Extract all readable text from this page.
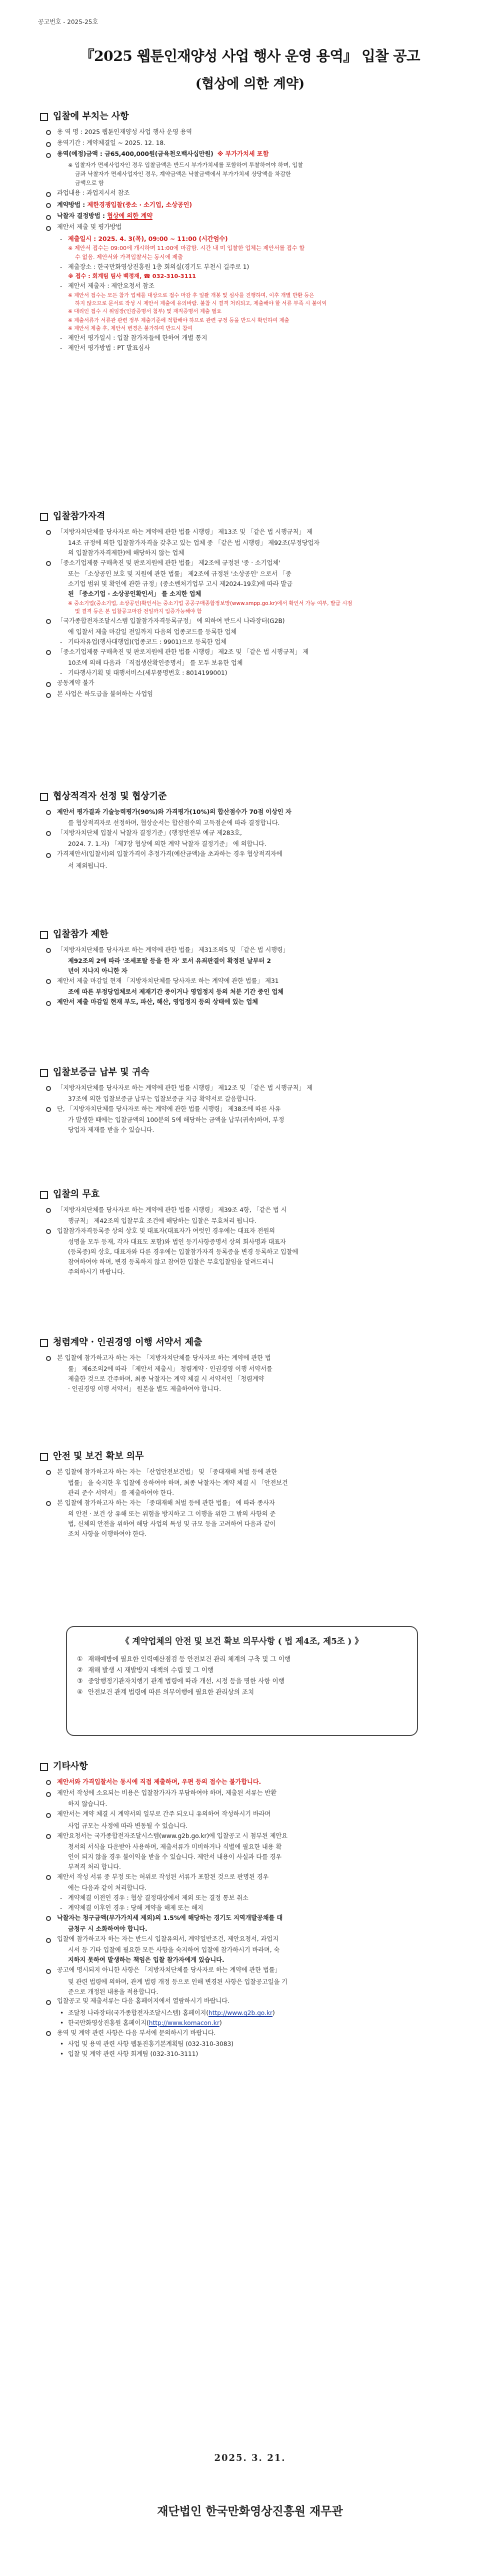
공고번호 - 2025-25호
『2025 웹툰인재양성 사업 행사 운영 용역』 입찰 공고
(협상에 의한 계약)
입찰에 부치는 사항
용 역 명 : 2025 웹툰인재양성 사업 행사 운영 용역
용역기간 : 계약체결일 ~ 2025. 12. 18.
용역(예정)금액 : 금65,400,000원(금육천오백사십만원) ※ 부가가치세 포함
※ 입찰자가 면세사업자인 경우 입찰금액은 반드시 부가가치세를 포함하여 투찰하여야 하며, 입찰
금과 낙찰자가 면세사업자인 경우, 계약금액은 낙찰금액에서 부가가치세 상당액을 차감한
금액으로 함
과업내용 : 과업지시서 참조
계약방법 : 제한경쟁입찰(중소 · 소기업, 소상공인)
낙찰자 결정방법 : 협상에 의한 계약
제안서 제출 및 평가방법
- 제출일시 : 2025. 4. 3(목), 09:00 ~ 11:00 (시간엄수)
※ 제안서 접수는 09:00에 개시하며 11:00에 마감함. 시간 내 미 입찰한 업체는 제안서를 접수 할
수 없음. 제안서와 가격입찰서는 동시에 제출
- 제출장소 : 한국만화영상진흥원 1층 회의실(경기도 부천시 길주로 1)
※ 접수 : 회계팀 팀사 백정재, ☎ 032-310-3111
- 제안서 제출자 : 제안요청서 참조
※ 제안서 접수는 모든 참가 업체를 대상으로 접수 마감 후 일괄 개봉 및 심사를 진행하며, 이후 개별 반환 등은
하지 않으므로 문서로 작성 시 제안서 제출에 유의바람. 불참 시 결격 처리되고, 제출해야 할 서류 부족 시 불이익
※ 대리인 접수 시 위임장(인감증명서 첨부) 및 재직증명서 제출 필요
※ 제출서류가 서류관 관련 정부 제출기준에 적합해야 하므로 관련 규정 등을 반드시 확인하여 제출
※ 제안서 제출 후, 제안서 변경은 불가하며 반드시 참여
- 제안서 평가일시 : 입찰 참가자들에 한하여 개별 통지
- 제안서 평가방법 : PT 발표심사
입찰참가자격
「지방자치단체를 당사자로 하는 계약에 관한 법률 시행령」 제13조 및 「같은 법 시행규칙」 제
14조 규정에 의한 입찰참가자격을 갖추고 있는 업체 중 「같은 법 시행령」 제92조(부정당업자
의 입찰참가자격제한)에 해당하지 않는 업체
「중소기업제품 구매촉진 및 판로지원에 관한 법률」 제2조에 규정된 '중 · 소기업체'
또는 「소상공인 보호 및 지원에 관한 법률」 제2조에 규정된 '소상공인' 으로서 「중
소기업 범위 및 확인에 관한 규정」(중소벤처기업부 고시 제2024-19호)에 따라 발급
된 「중소기업 · 소상공인확인서」 를 소지한 업체
※ 중소기업(중소기업, 소상공인)확인서는 중소기업 공공구매종합정보망(www.smpp.go.kr)에서 확인서 가능 여부, 발급 시점
및 결격 등은 본 입찰공고마감 전일까지 입증가능해야 함
「국가종합전자조달시스템 입찰참가자격등록규정」 에 의하여 반드시 나라장터(G2B)
에 입찰서 제출 마감일 전일까지 다음의 업종코드를 등록한 업체
- 기타자유업(행사대행업)(업종코드 : 9901)으로 등록한 업체
「중소기업제품 구매촉진 및 판로지원에 관한 법률 시행령」 제2조 및 「같은 법 시행규칙」 제
10조에 의해 다음과 「직접생산확인증명서」 를 모두 보유한 업체
- 기타행사기획 및 대행서비스(세부품명번호 : 8014199001)
공동계약 불가
본 사업은 하도급을 불허하는 사업임
협상적격자 선정 및 협상기준
제안서 평가결과 기술능력평가(90%)와 가격평가(10%)의 합산점수가 70점 이상인 자
를 협상적격자로 선정하며, 협상순서는 합산점수의 고득점순에 따라 결정합니다.
「지방자치단체 입찰시 낙찰자 결정기준」(행정안전부 예규 제283호,
2024. 7. 1.자) 「제7장 협상에 의한 계약 낙찰자 결정기준」 에 의합니다.
가격제안서(입찰서)의 입찰가격이 추정가격(예산금액)을 초과하는 경우 협상적격자에
서 제외됩니다.
입찰참가 제한
「지방자치단체를 당사자로 하는 계약에 관한 법률」 제31조의5 및 「같은 법 시행령」
제92조의 2에 따라 '조세포탈 등을 한 자' 로서 유죄판결이 확정된 날부터 2
년이 지나지 아니한 자
제안서 제출 마감일 현재 「지방자치단체를 당사자로 하는 계약에 관한 법률」 제31
조에 따른 부정당업체로서 제재기간 중이거나 영업정지 등의 처분 기간 중인 업체
제안서 제출 마감일 현재 부도, 파산, 해산, 영업정지 등의 상태에 있는 업체
입찰보증금 납부 및 귀속
「지방자치단체를 당사자로 하는 계약에 관한 법률 시행령」 제12조 및 「같은 법 시행규칙」 제
37조에 의한 입찰보증금 납부는 입찰보증금 지급 확약서로 갈음합니다.
단, 「지방자치단체를 당사자로 하는 계약에 관한 법률 시행령」 제38조에 따른 사유
가 발생한 때에는 입찰금액의 100분의 5에 해당하는 금액을 납부(귀속)하며, 부정
당업자 제재를 받을 수 있습니다.
입찰의 무효
「지방자치단체를 당사자로 하는 계약에 관한 법률 시행령」 제39조 4항, 「같은 법 시
행규칙」 제42조의 입찰무효 조건에 해당하는 입찰은 무효처리 됩니다.
입찰참가자격등록증 상의 상호 및 대표자(대표자가 여럿인 경우에는 대표자 전원의
성명을 모두 등재, 각자 대표도 포함)와 법인 등기사항증명서 상의 회사명과 대표자
(등록증)의 상호, 대표자와 다른 경우에는 입찰참가자격 등록증을 변경 등록하고 입찰에
참여하여야 하며, 변경 등록하지 않고 참여한 입찰은 무효입찰임을 알려드리니
주의하시기 바랍니다.
청렴계약 · 인권경영 이행 서약서 제출
본 입찰에 참가하고자 하는 자는 「지방자치단체를 당사자로 하는 계약에 관한 법
률」 제6조의2에 따라 「제안서 제출시」 청렴계약 · 인권경영 이행 서약서를
제출한 것으로 간주하며, 최종 낙찰자는 계약 체결 시 서약서인 「청렴계약
· 인권경영 이행 서약서」 원본을 별도 제출하여야 합니다.
안전 및 보건 확보 의무
본 입찰에 참가하고자 하는 자는 「산업안전보건법」 및 「중대재해 처벌 등에 관한
법률」 을 숙지한 후 입찰에 응하여야 하며, 최종 낙찰자는 계약 체결 시 「안전보건
관리 준수 서약서」 를 제출하여야 한다.
본 입찰에 참가하고자 하는 자는 「중대재해 처벌 등에 관한 법률」 에 따라 종사자
의 안전 · 보건 상 유해 또는 위험을 방지하고 그 이행을 위한 그 밖의 사항의 준
법, 신체의 안전을 위하여 해당 사업의 특성 및 규모 등을 고려하여 다음과 같이
조치 사항을 이행하여야 한다.
《 계약업체의 안전 및 보건 확보 의무사항 ( 법 제4조, 제5조 ) 》
① 재해예방에 필요한 인력예산점검 등 안전보건 관리 체계의 구축 및 그 이행
② 재해 발생 시 재발방지 대책의 수립 및 그 이행
③ 중앙행정기관자치행기 관계 법령에 따라 개선, 시정 등을 명한 사항 이행
④ 안전보건 관계 법령에 따른 의무이행에 필요한 관리상의 조치
기타사항
제안서와 가격입찰서는 동시에 직접 제출하며, 우편 등의 접수는 불가합니다.
제안서 작성에 소요되는 비용은 입찰참가자가 부담하여야 하며, 제출된 서류는 반환
하지 않습니다.
제안서는 계약 체결 시 계약서의 일부로 간주 되오니 유의하여 작성하시기 바라며
사업 규모는 사정에 따라 변동될 수 있습니다.
제안요청서는 국가종합전자조달시스템(www.g2b.go.kr)에 입찰공고 시 첨부된 제안요
청서의 서식을 다운받아 사용하며, 제출서류가 미비하거나 식별에 필요한 내용 확
인이 되지 않을 경우 불이익을 받을 수 있습니다. 제안서 내용이 사실과 다를 경우
부적격 처리 합니다.
제안서 작성 서류 중 부정 또는 허위로 작성된 서류가 포함된 것으로 판명된 경우
에는 다음과 같이 처리합니다.
- 계약체결 이전인 경우 : 협상 결정대상에서 제외 또는 결정 통보 취소
- 계약체결 이후인 경우 : 당해 계약을 해제 또는 해지
낙찰자는 청구금액(부가가치세 제외)의 1.5%에 해당하는 경기도 지역개발공채를 대
금청구 시 소화하여야 합니다.
입찰에 참가하고자 하는 자는 반드시 입찰유의서, 계약일반조건, 제안요청서, 과업지
시서 등 기타 입찰에 필요한 모든 사항을 숙지하여 입찰에 참가하시기 바라며, 숙
지하지 못하여 발생하는 책임은 입찰 참가자에게 있습니다.
공고에 명시되지 아니한 사항은 「지방자치단체를 당사자로 하는 계약에 관한 법률」
및 관련 법령에 의하며, 관계 법령 개정 등으로 인해 변경된 사항은 입찰공고일을 기
준으로 개정된 내용을 적용합니다.
입찰공고 및 제출서류는 다음 홈페이지에서 열람하시기 바랍니다.
• 조달청 나라장터(국가종합전자조달시스템) 홈페이지(http://www.g2b.go.kr)
• 한국만화영상진흥원 홈페이지(http://www.komacon.kr)
용역 및 계약 관련 사항은 다음 부서에 문의하시기 바랍니다.
• 사업 및 용역 관련 사항 웹툰진흥기본계획팀 (032-310-3083)
• 입찰 및 계약 관련 사항 회계팀 (032-310-3111)
2025. 3. 21.
재단법인 한국만화영상진흥원 재무관
